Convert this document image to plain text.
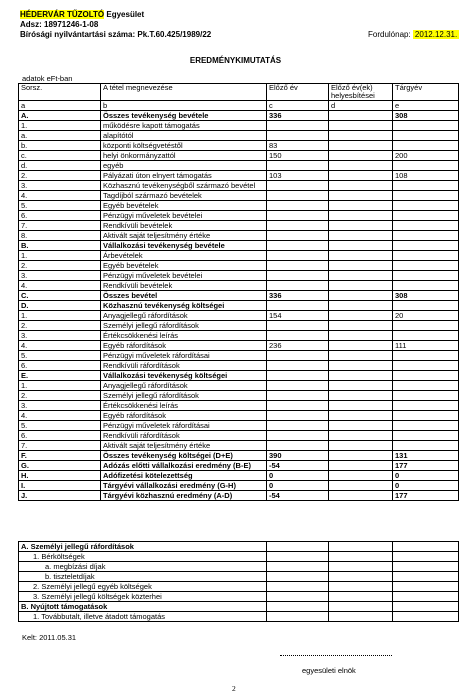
HÉDERVÁR TŰZOLTÓ Egyesület
Adsz: 18971246-1-08
Bírósági nyilvántartási száma: Pk.T.60.425/1989/22	Fordulónap: 2012.12.31.
EREDMÉNYKIMUTATÁS
adatok eFt-ban
Sorsz.	A tétel megnevezése	Előző év	Előző év(ek) helyesbítései	Tárgyév
a	b	c	d	e
A.	Összes tevékenység bevétele	336		308
1.	működésre kapott támogatás			
a.	alapítótól			
b.	központi költségvetéstől	83		
c.	helyi önkormányzattól	150		200
d.	egyéb			
2.	Pályázati úton elnyert támogatás	103		108
3.	Közhasznú tevékenységből származó bevétel			
4.	Tagdíjból származó bevételek			
5.	Egyéb bevételek			
6.	Pénzügyi műveletek bevételei			
7.	Rendkívüli bevételek			
8.	Aktivált saját teljesítmény értéke			
B.	Vállalkozási tevékenység bevétele			
1.	Árbevételek			
2.	Egyéb bevételek			
3.	Pénzügyi műveletek bevételei			
4.	Rendkívüli bevételek			
C.	Összes bevétel	336		308
D.	Közhasznú tevékenység költségei			
1.	Anyagjellegű ráfordítások	154		20
2.	Személyi jellegű ráfordítások			
3.	Értékcsökkenési leírás			
4.	Egyéb ráfordítások	236		111
5.	Pénzügyi műveletek ráfordításai			
6.	Rendkívüli ráfordítások			
E.	Vállalkozási tevékenység költségei			
1.	Anyagjellegű ráfordítások			
2.	Személyi jellegű ráfordítások			
3.	Értékcsökkenési leírás			
4.	Egyéb ráfordítások			
5.	Pénzügyi műveletek ráfordításai			
6.	Rendkívüli ráfordítások			
7.	Aktivált saját teljesítmény értéke			
F.	Összes tevékenység költségei (D+E)	390		131
G.	Adózás előtti vállalkozási eredmény (B-E)	-54		177
H.	Adófizetési kötelezettség	0		0
I.	Tárgyévi vállalkozási eredmény (G-H)	0		0
J.	Tárgyévi közhasznú eredmény (A-D)	-54		177
A. Személyi jellegű ráfordítások			
1. Bérköltségek			
a. megbízási díjak			
b. tiszteletdíjak			
2. Személyi jellegű egyéb költségek			
3. Személyi jellegű költségek közterhei			
B. Nyújtott támogatások			
1. Továbbutalt, illetve átadott támogatás			
Kelt: 2011.05.31
egyesületi elnök
2
